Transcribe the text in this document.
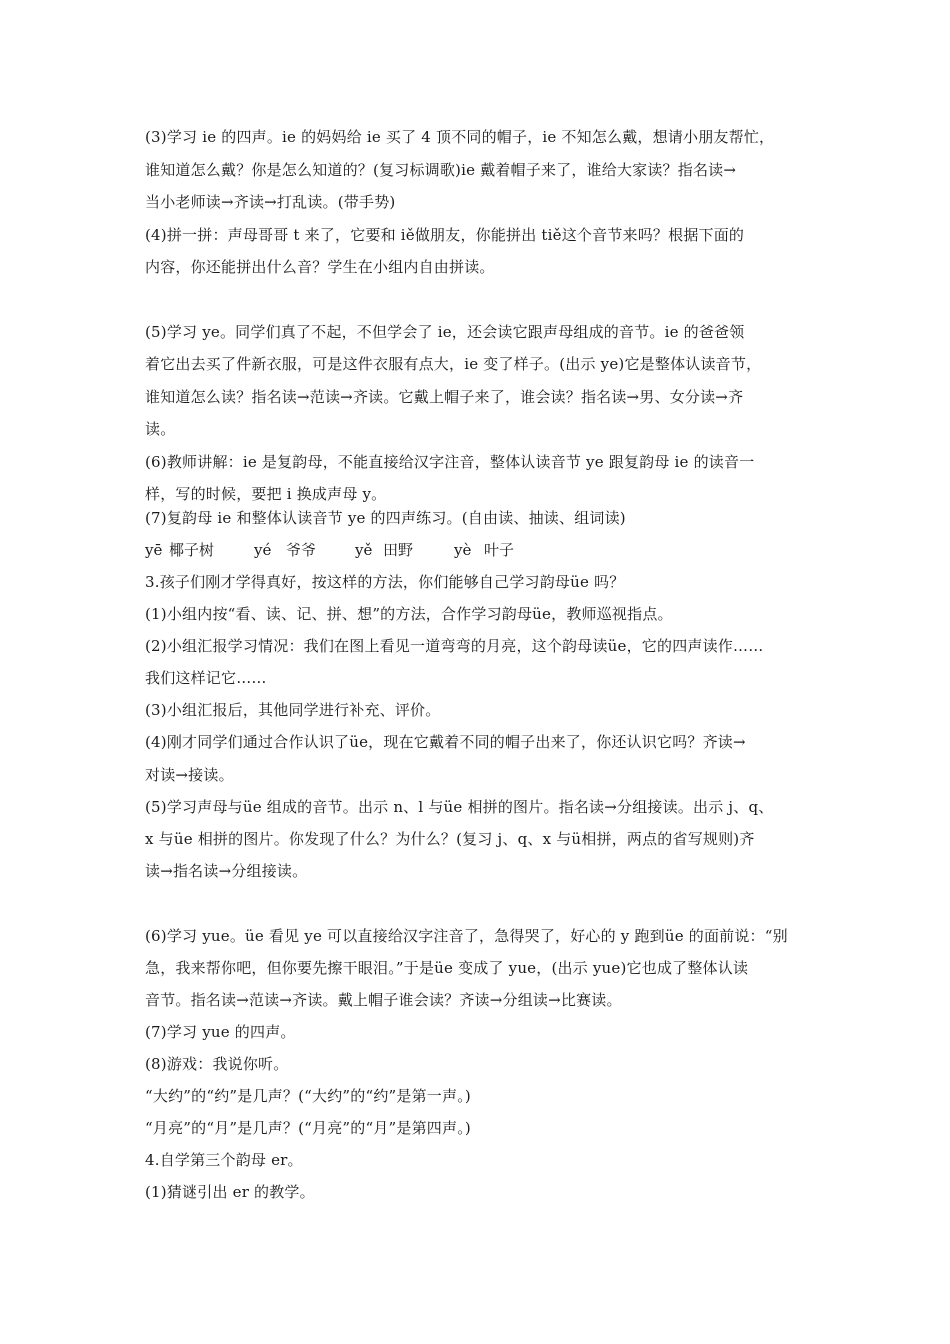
(3)学习 ie 的四声。ie 的妈妈给 ie 买了 4 顶不同的帽子，ie 不知怎么戴，想请小朋友帮忙，
谁知道怎么戴？你是怎么知道的？(复习标调歌)ie 戴着帽子来了，谁给大家读？指名读→
当小老师读→齐读→打乱读。(带手势)
(4)拼一拼：声母哥哥 t 来了，它要和 iě做朋友，你能拼出 tiě这个音节来吗？根据下面的
内容，你还能拼出什么音？学生在小组内自由拼读。
(5)学习 ye。同学们真了不起，不但学会了 ie，还会读它跟声母组成的音节。ie 的爸爸领
着它出去买了件新衣服，可是这件衣服有点大，ie 变了样子。(出示 ye)它是整体认读音节，
谁知道怎么读？指名读→范读→齐读。它戴上帽子来了，谁会读？指名读→男、女分读→齐
读。
(6)教师讲解：ie 是复韵母，不能直接给汉字注音，整体认读音节 ye 跟复韵母 ie 的读音一
样，写的时候，要把 i 换成声母 y。
(7)复韵母 ie 和整体认读音节 ye 的四声练习。(自由读、抽读、组词读)
yē 椰子树	yé 爷爷	yě 田野	yè 叶子
3.孩子们刚才学得真好，按这样的方法，你们能够自己学习韵母üe 吗？
(1)小组内按“看、读、记、拼、想”的方法，合作学习韵母üe，教师巡视指点。
(2)小组汇报学习情况：我们在图上看见一道弯弯的月亮，这个韵母读üe，它的四声读作……
我们这样记它……
(3)小组汇报后，其他同学进行补充、评价。
(4)刚才同学们通过合作认识了üe，现在它戴着不同的帽子出来了，你还认识它吗？齐读→
对读→接读。
(5)学习声母与üe 组成的音节。出示 n、l 与üe 相拼的图片。指名读→分组接读。出示 j、q、
x 与üe 相拼的图片。你发现了什么？为什么？(复习 j、q、x 与ü相拼，两点的省写规则)齐
读→指名读→分组接读。
(6)学习 yue。üe 看见 ye 可以直接给汉字注音了，急得哭了，好心的 y 跑到üe 的面前说：“别
急，我来帮你吧，但你要先擦干眼泪。”于是üe 变成了 yue，(出示 yue)它也成了整体认读
音节。指名读→范读→齐读。戴上帽子谁会读？齐读→分组读→比赛读。
(7)学习 yue 的四声。
(8)游戏：我说你听。
“大约”的“约”是几声？(“大约”的“约”是第一声。)
“月亮”的“月”是几声？(“月亮”的“月”是第四声。)
4.自学第三个韵母 er。
(1)猜谜引出 er 的教学。
